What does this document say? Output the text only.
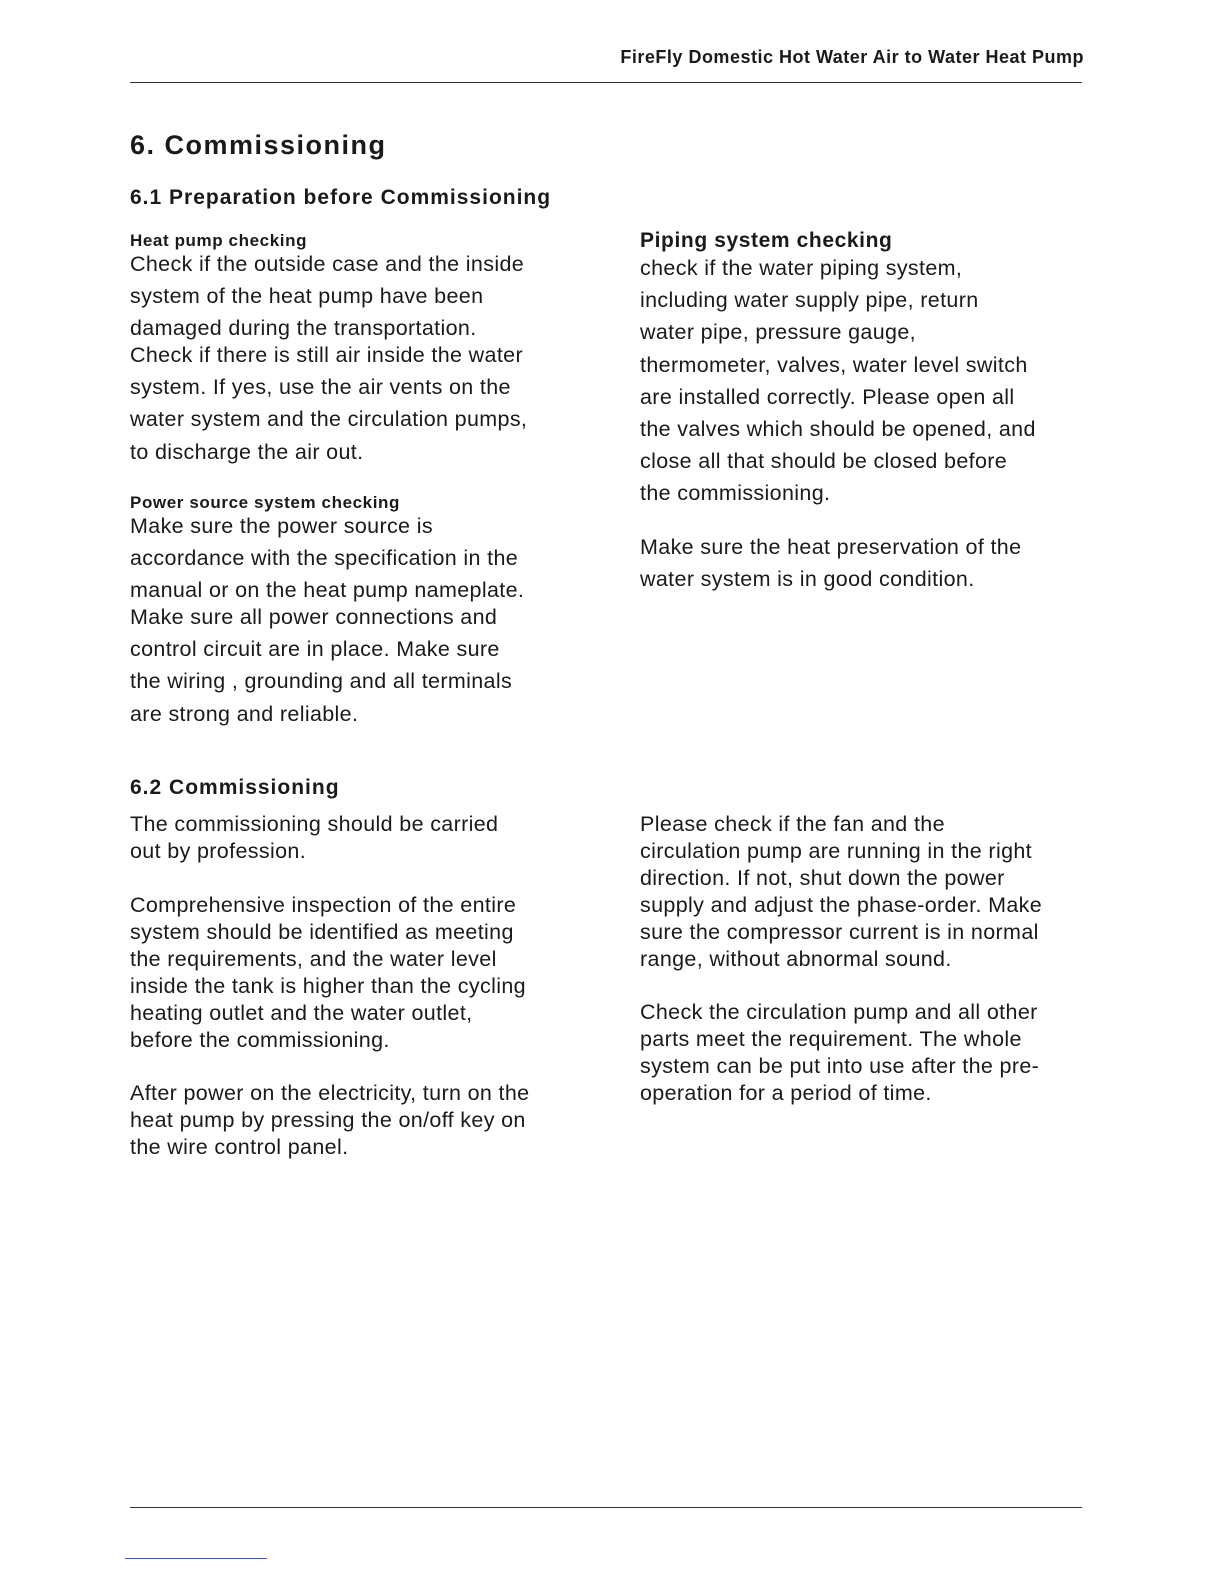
FireFly Domestic Hot Water Air to Water Heat Pump
6. Commissioning
6.1 Preparation before Commissioning
Heat pump checking
Check if the outside case and the inside
system of the heat pump have been
damaged during the transportation.
Check if there is still air inside the water
system. If yes, use the air vents on the
water system and the circulation pumps,
to discharge the air out.
Power source system checking
Make sure the power source is
accordance with the specification in the
manual or on the heat pump nameplate.
Make sure all power connections and
control circuit are in place. Make sure
the wiring , grounding and all terminals
are strong and reliable.
Piping system checking
check if the water piping system,
including water supply pipe, return
water pipe, pressure gauge,
thermometer, valves, water level switch
are installed correctly. Please open all
the valves which should be opened, and
close all that should be closed before
the commissioning.
Make sure the heat preservation of the
water system is in good condition.
6.2 Commissioning
The commissioning should be carried
out by profession.
Comprehensive inspection of the entire
system should be identified as meeting
the requirements, and the water level
inside the tank is higher than the cycling
heating outlet and the water outlet,
before the commissioning.
After power on the electricity, turn on the
heat pump by pressing the on/off key on
the wire control panel.
Please check if the fan and the
circulation pump are running in the right
direction. If not, shut down the power
supply and adjust the phase-order. Make
sure the compressor current is in normal
range, without abnormal sound.
Check the circulation pump and all other
parts meet the requirement. The whole
system can be put into use after the pre-
operation for a period of time.
